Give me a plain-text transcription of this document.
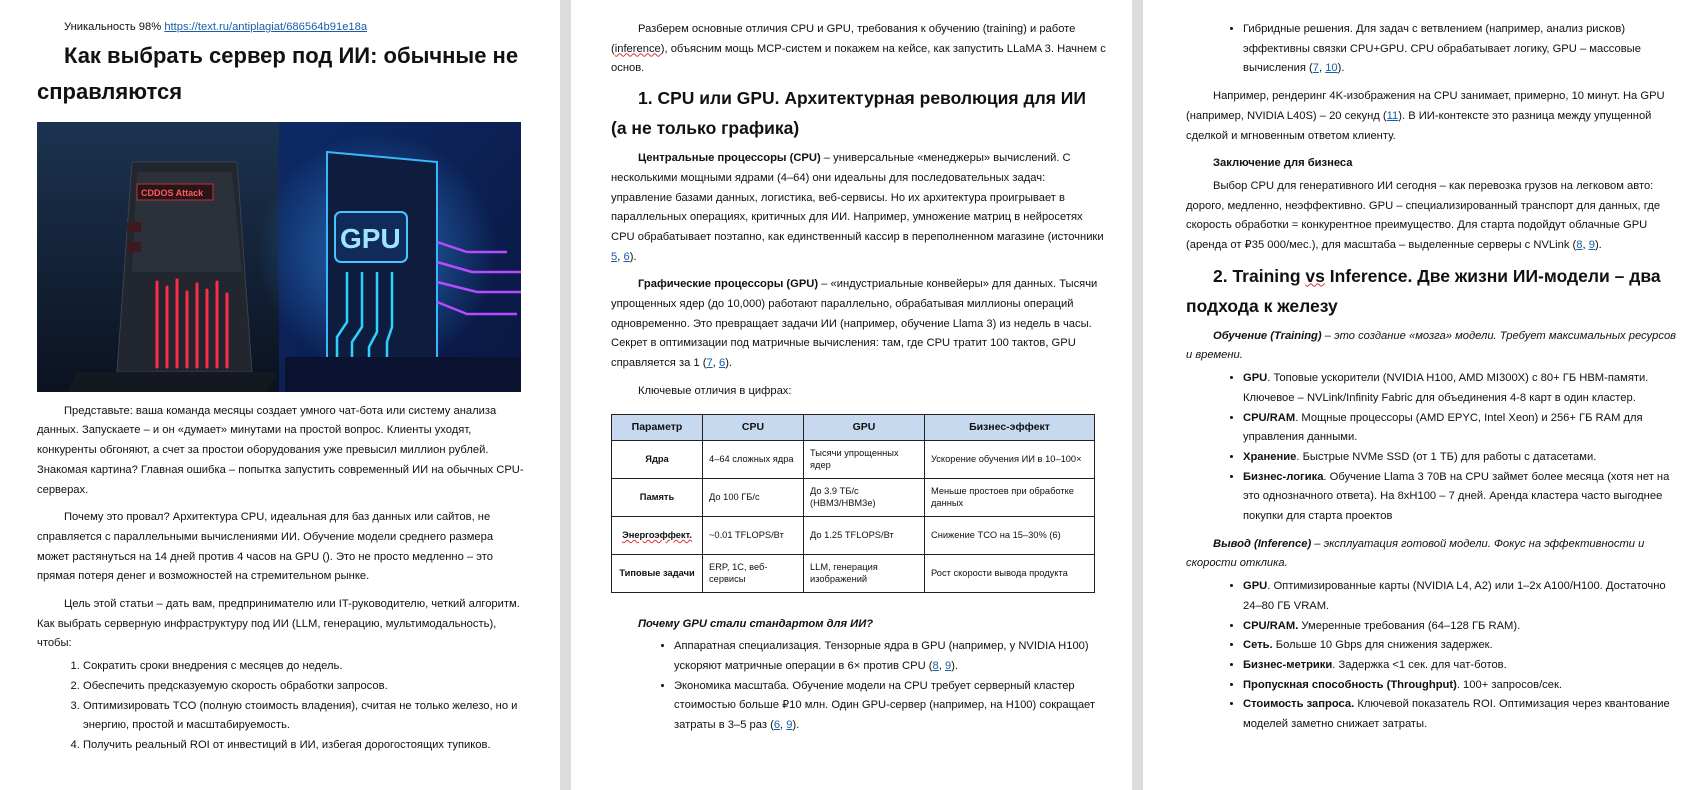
Уникальность 98% https://text.ru/antiplagiat/686564b91e18a

Как выбрать сервер под ИИ: обычные не справляются
CDDOS Attack
GPU

Представьте: ваша команда месяцы создает умного чат-бота или систему анализа данных. Запускаете – и он «думает» минутами на простой вопрос. Клиенты уходят, конкуренты обгоняют, а счет за простои оборудования уже превысил миллион рублей. Знакомая картина? Главная ошибка – попытка запустить современный ИИ на обычных CPU-серверах.

Почему это провал? Архитектура CPU, идеальная для баз данных или сайтов, не справляется с параллельными вычислениями ИИ. Обучение модели среднего размера может растянуться на 14 дней против 4 часов на GPU (). Это не просто медленно – это прямая потеря денег и возможностей на стремительном рынке.

Цель этой статьи – дать вам, предпринимателю или IT-руководителю, четкий алгоритм. Как выбрать серверную инфраструктуру под ИИ (LLM, генерацию, мультимодальность), чтобы:

1. Сократить сроки внедрения с месяцев до недель.
2. Обеспечить предсказуемую скорость обработки запросов.
3. Оптимизировать TCO (полную стоимость владения), считая не только железо, но и энергию, простой и масштабируемость.
4. Получить реальный ROI от инвестиций в ИИ, избегая дорогостоящих тупиков.

Разберем основные отличия CPU и GPU, требования к обучению (training) и работе (inference), объясним мощь MCP-систем и покажем на кейсе, как запустить LLaMA 3. Начнем с основ.

1. CPU или GPU. Архитектурная революция для ИИ (а не только графика)

Центральные процессоры (CPU) – универсальные «менеджеры» вычислений. С несколькими мощными ядрами (4–64) они идеальны для последовательных задач: управление базами данных, логистика, веб-сервисы. Но их архитектура проигрывает в параллельных операциях, критичных для ИИ. Например, умножение матриц в нейросетях CPU обрабатывает поэтапно, как единственный кассир в переполненном магазине (источники 5, 6).

Графические процессоры (GPU) – «индустриальные конвейеры» для данных. Тысячи упрощенных ядер (до 10,000) работают параллельно, обрабатывая миллионы операций одновременно. Это превращает задачи ИИ (например, обучение Llama 3) из недель в часы. Секрет в оптимизации под матричные вычисления: там, где CPU тратит 100 тактов, GPU справляется за 1 (7, 6).

Ключевые отличия в цифрах:

Параметр	CPU	GPU	Бизнес-эффект
Ядра	4–64 сложных ядра	Тысячи упрощенных ядер	Ускорение обучения ИИ в 10–100×
Память	До 100 ГБ/с	До 3.9 ТБ/с (HBM3/HBM3e)	Меньше простоев при обработке данных
Энергоэффект.	~0.01 TFLOPS/Вт	До 1.25 TFLOPS/Вт	Снижение TCO на 15–30% (6)
Типовые задачи	ERP, 1С, веб-сервисы	LLM, генерация изображений	Рост скорости вывода продукта

Почему GPU стали стандартом для ИИ?

• Аппаратная специализация. Тензорные ядра в GPU (например, у NVIDIA H100) ускоряют матричные операции в 6× против CPU (8, 9).
• Экономика масштаба. Обучение модели на CPU требует серверный кластер стоимостью больше ₽10 млн. Один GPU-сервер (например, на H100) сокращает затраты в 3–5 раз (6, 9).
• Гибридные решения. Для задач с ветвлением (например, анализ рисков) эффективны связки CPU+GPU. CPU обрабатывает логику, GPU – массовые вычисления (7, 10).

Например, рендеринг 4K-изображения на CPU занимает, примерно, 10 минут. На GPU (например, NVIDIA L40S) – 20 секунд (11). В ИИ-контексте это разница между упущенной сделкой и мгновенным ответом клиенту.

Заключение для бизнеса

Выбор CPU для генеративного ИИ сегодня – как перевозка грузов на легковом авто: дорого, медленно, неэффективно. GPU – специализированный транспорт для данных, где скорость обработки = конкурентное преимущество. Для старта подойдут облачные GPU (аренда от ₽35 000/мес.), для масштаба – выделенные серверы с NVLink (8, 9).

2. Training vs Inference. Две жизни ИИ-модели – два подхода к железу

Обучение (Training) – это создание «мозга» модели. Требует максимальных ресурсов и времени.

• GPU. Топовые ускорители (NVIDIA H100, AMD MI300X) с 80+ ГБ HBM-памяти. Ключевое – NVLink/Infinity Fabric для объединения 4-8 карт в один кластер.
• CPU/RAM. Мощные процессоры (AMD EPYC, Intel Xeon) и 256+ ГБ RAM для управления данными.
• Хранение. Быстрые NVMe SSD (от 1 ТБ) для работы с датасетами.
• Бизнес-логика. Обучение Llama 3 70B на CPU займет более месяца (хотя нет на это однозначного ответа). На 8xH100 – 7 дней. Аренда кластера часто выгоднее покупки для старта проектов

Вывод (Inference) – эксплуатация готовой модели. Фокус на эффективности и скорости отклика.

• GPU. Оптимизированные карты (NVIDIA L4, A2) или 1–2x A100/H100. Достаточно 24–80 ГБ VRAM.
• CPU/RAM. Умеренные требования (64–128 ГБ RAM).
• Сеть. Больше 10 Gbps для снижения задержек.
• Бизнес-метрики. Задержка <1 сек. для чат-ботов.
• Пропускная способность (Throughput). 100+ запросов/сек.
• Стоимость запроса. Ключевой показатель ROI. Оптимизация через квантование моделей заметно снижает затраты.
